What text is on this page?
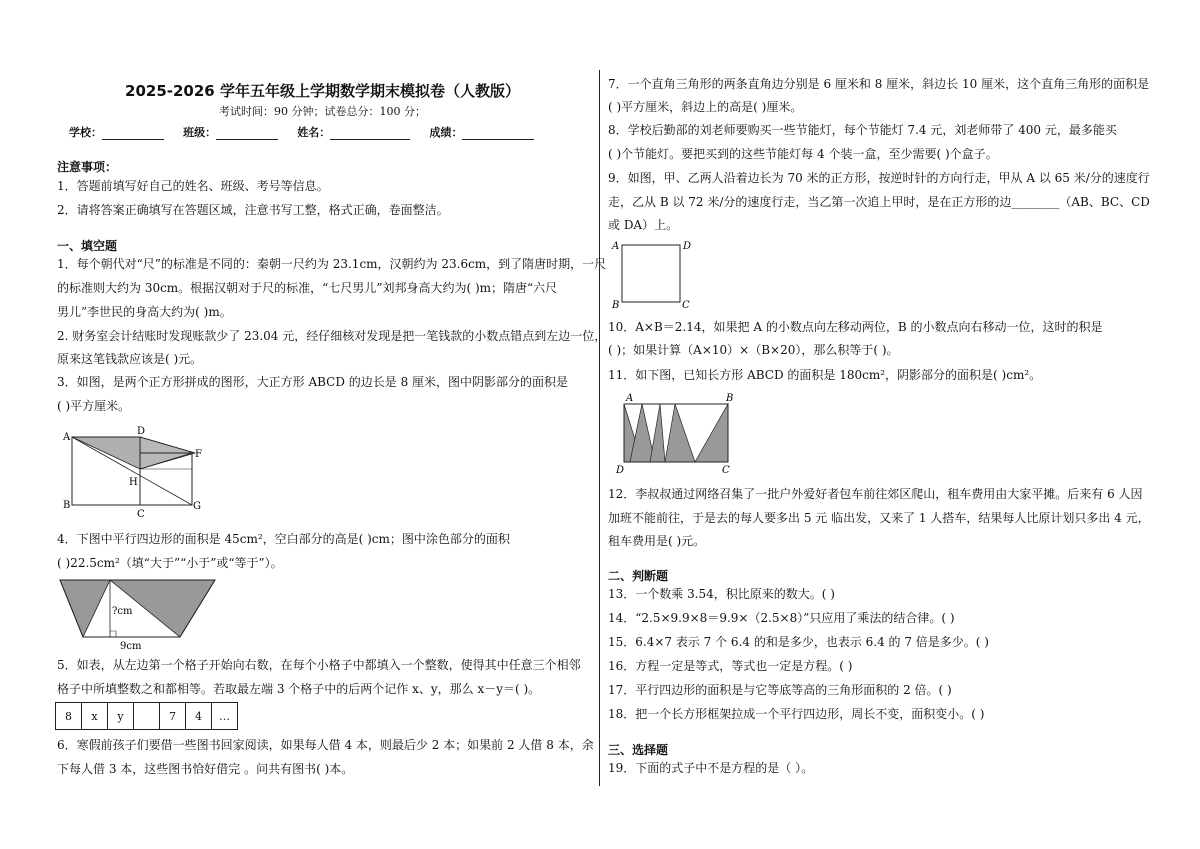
2025-2026 学年五年级上学期数学期末模拟卷（人教版）
考试时间：90 分钟；试卷总分：100 分；
学校：	班级：	姓名：	成绩：
注意事项：
1．答题前填写好自己的姓名、班级、考号等信息。
2．请将答案正确填写在答题区域，注意书写工整，格式正确，卷面整洁。
一、填空题
1．每个朝代对“尺”的标准是不同的：秦朝一尺约为 23.1cm，汉朝约为 23.6cm，到了隋唐时期，一尺
的标准则大约为 30cm。根据汉朝对于尺的标准，“七尺男儿”刘邦身高大约为( )m；隋唐“六尺
男儿”李世民的身高大约为( )m。
2. 财务室会计结账时发现账款少了 23.04 元，经仔细核对发现是把一笔钱款的小数点错点到左边一位，
原来这笔钱款应该是( )元。
3．如图，是两个正方形拼成的图形，大正方形 ABCD 的边长是 8 厘米，图中阴影部分的面积是
( )平方厘米。
A
D
F
H
B
C
G
4．下图中平行四边形的面积是 45cm²，空白部分的高是( )cm；图中涂色部分的面积
( )22.5cm²（填“大于”“小于”或“等于”）。
?cm
9cm
5．如表，从左边第一个格子开始向右数，在每个小格子中都填入一个整数，使得其中任意三个相邻
格子中所填整数之和都相等。若取最左端 3 个格子中的后两个记作 x、y，那么 x－y＝( )。
8	x	y		7	4	…
6．寒假前孩子们要借一些图书回家阅读，如果每人借 4 本，则最后少 2 本；如果前 2 人借 8 本，余
下每人借 3 本，这些图书恰好借完 。问共有图书( )本。
7．一个直角三角形的两条直角边分别是 6 厘米和 8 厘米，斜边长 10 厘米，这个直角三角形的面积是
( )平方厘米，斜边上的高是( )厘米。
8．学校后勤部的刘老师要购买一些节能灯，每个节能灯 7.4 元，刘老师带了 400 元，最多能买
( )个节能灯。要把买到的这些节能灯每 4 个装一盒，至少需要( )个盒子。
9．如图，甲、乙两人沿着边长为 70 米的正方形，按逆时针的方向行走，甲从 A 以 65 米/分的速度行
走，乙从 B 以 72 米/分的速度行走，当乙第一次追上甲时，是在正方形的边________（AB、BC、CD
或 DA）上。
A	D
B	C
10．A×B＝2.14，如果把 A 的小数点向左移动两位，B 的小数点向右移动一位，这时的积是
( )；如果计算（A×10）×（B×20），那么积等于( )。
11．如下图，已知长方形 ABCD 的面积是 180cm²，阴影部分的面积是( )cm²。
A	B
D	C
12．李叔叔通过网络召集了一批户外爱好者包车前往郊区爬山，租车费用由大家平摊。后来有 6 人因
加班不能前往，于是去的每人要多出 5 元 临出发，又来了 1 人搭车，结果每人比原计划只多出 4 元，
租车费用是( )元。
二、判断题
13．一个数乘 3.54，积比原来的数大。( )
14．“2.5×9.9×8＝9.9×（2.5×8）”只应用了乘法的结合律。( )
15．6.4×7 表示 7 个 6.4 的和是多少，也表示 6.4 的 7 倍是多少。( )
16．方程一定是等式，等式也一定是方程。( )
17．平行四边形的面积是与它等底等高的三角形面积的 2 倍。( )
18．把一个长方形框架拉成一个平行四边形，周长不变，面积变小。( )
三、选择题
19．下面的式子中不是方程的是（ ）。
